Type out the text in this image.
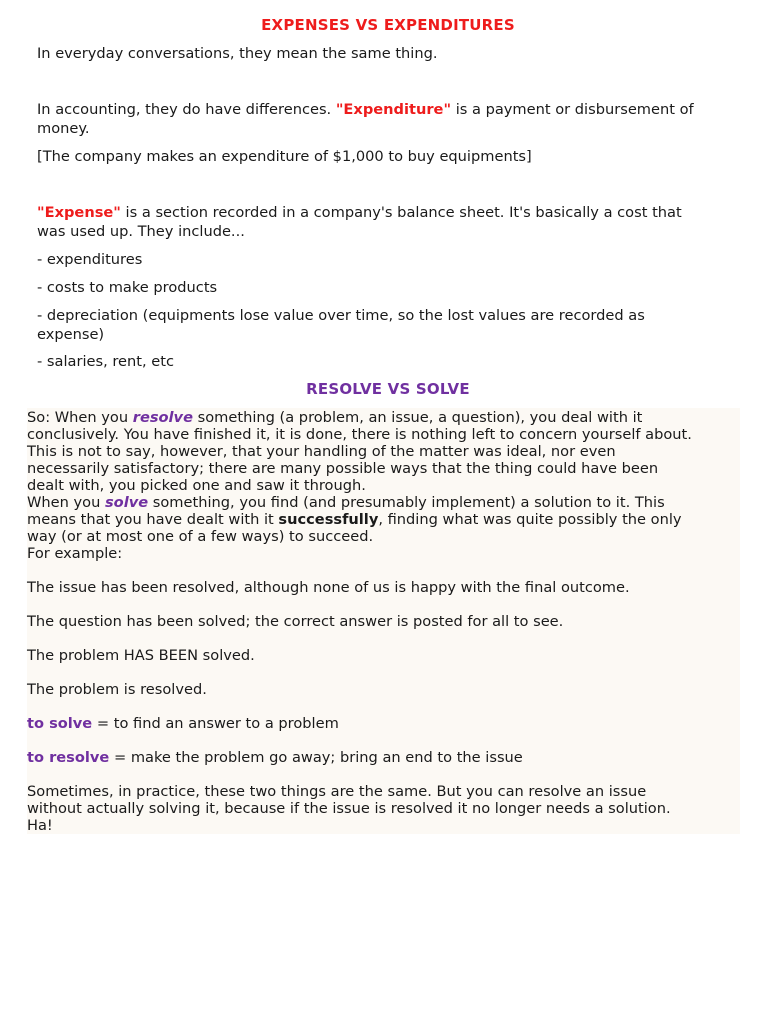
EXPENSES VS EXPENDITURES

In everyday conversations, they mean the same thing.

In accounting, they do have differences. "Expenditure" is a payment or disbursement of
money.

[The company makes an expenditure of $1,000 to buy equipments]

"Expense" is a section recorded in a company's balance sheet. It's basically a cost that
was used up. They include...

- expenditures

- costs to make products

- depreciation (equipments lose value over time, so the lost values are recorded as
expense)

- salaries, rent, etc

RESOLVE VS SOLVE

So: When you resolve something (a problem, an issue, a question), you deal with it

conclusively. You have finished it, it is done, there is nothing left to concern yourself about.

This is not to say, however, that your handling of the matter was ideal, nor even

necessarily satisfactory; there are many possible ways that the thing could have been

dealt with, you picked one and saw it through.

When you solve something, you find (and presumably implement) a solution to it. This

means that you have dealt with it successfully, finding what was quite possibly the only

way (or at most one of a few ways) to succeed.

For example:

The issue has been resolved, although none of us is happy with the final outcome.

The question has been solved; the correct answer is posted for all to see.

The problem HAS BEEN solved.

The problem is resolved.

to solve = to find an answer to a problem

to resolve = make the problem go away; bring an end to the issue

Sometimes, in practice, these two things are the same. But you can resolve an issue

without actually solving it, because if the issue is resolved it no longer needs a solution.

Ha!
